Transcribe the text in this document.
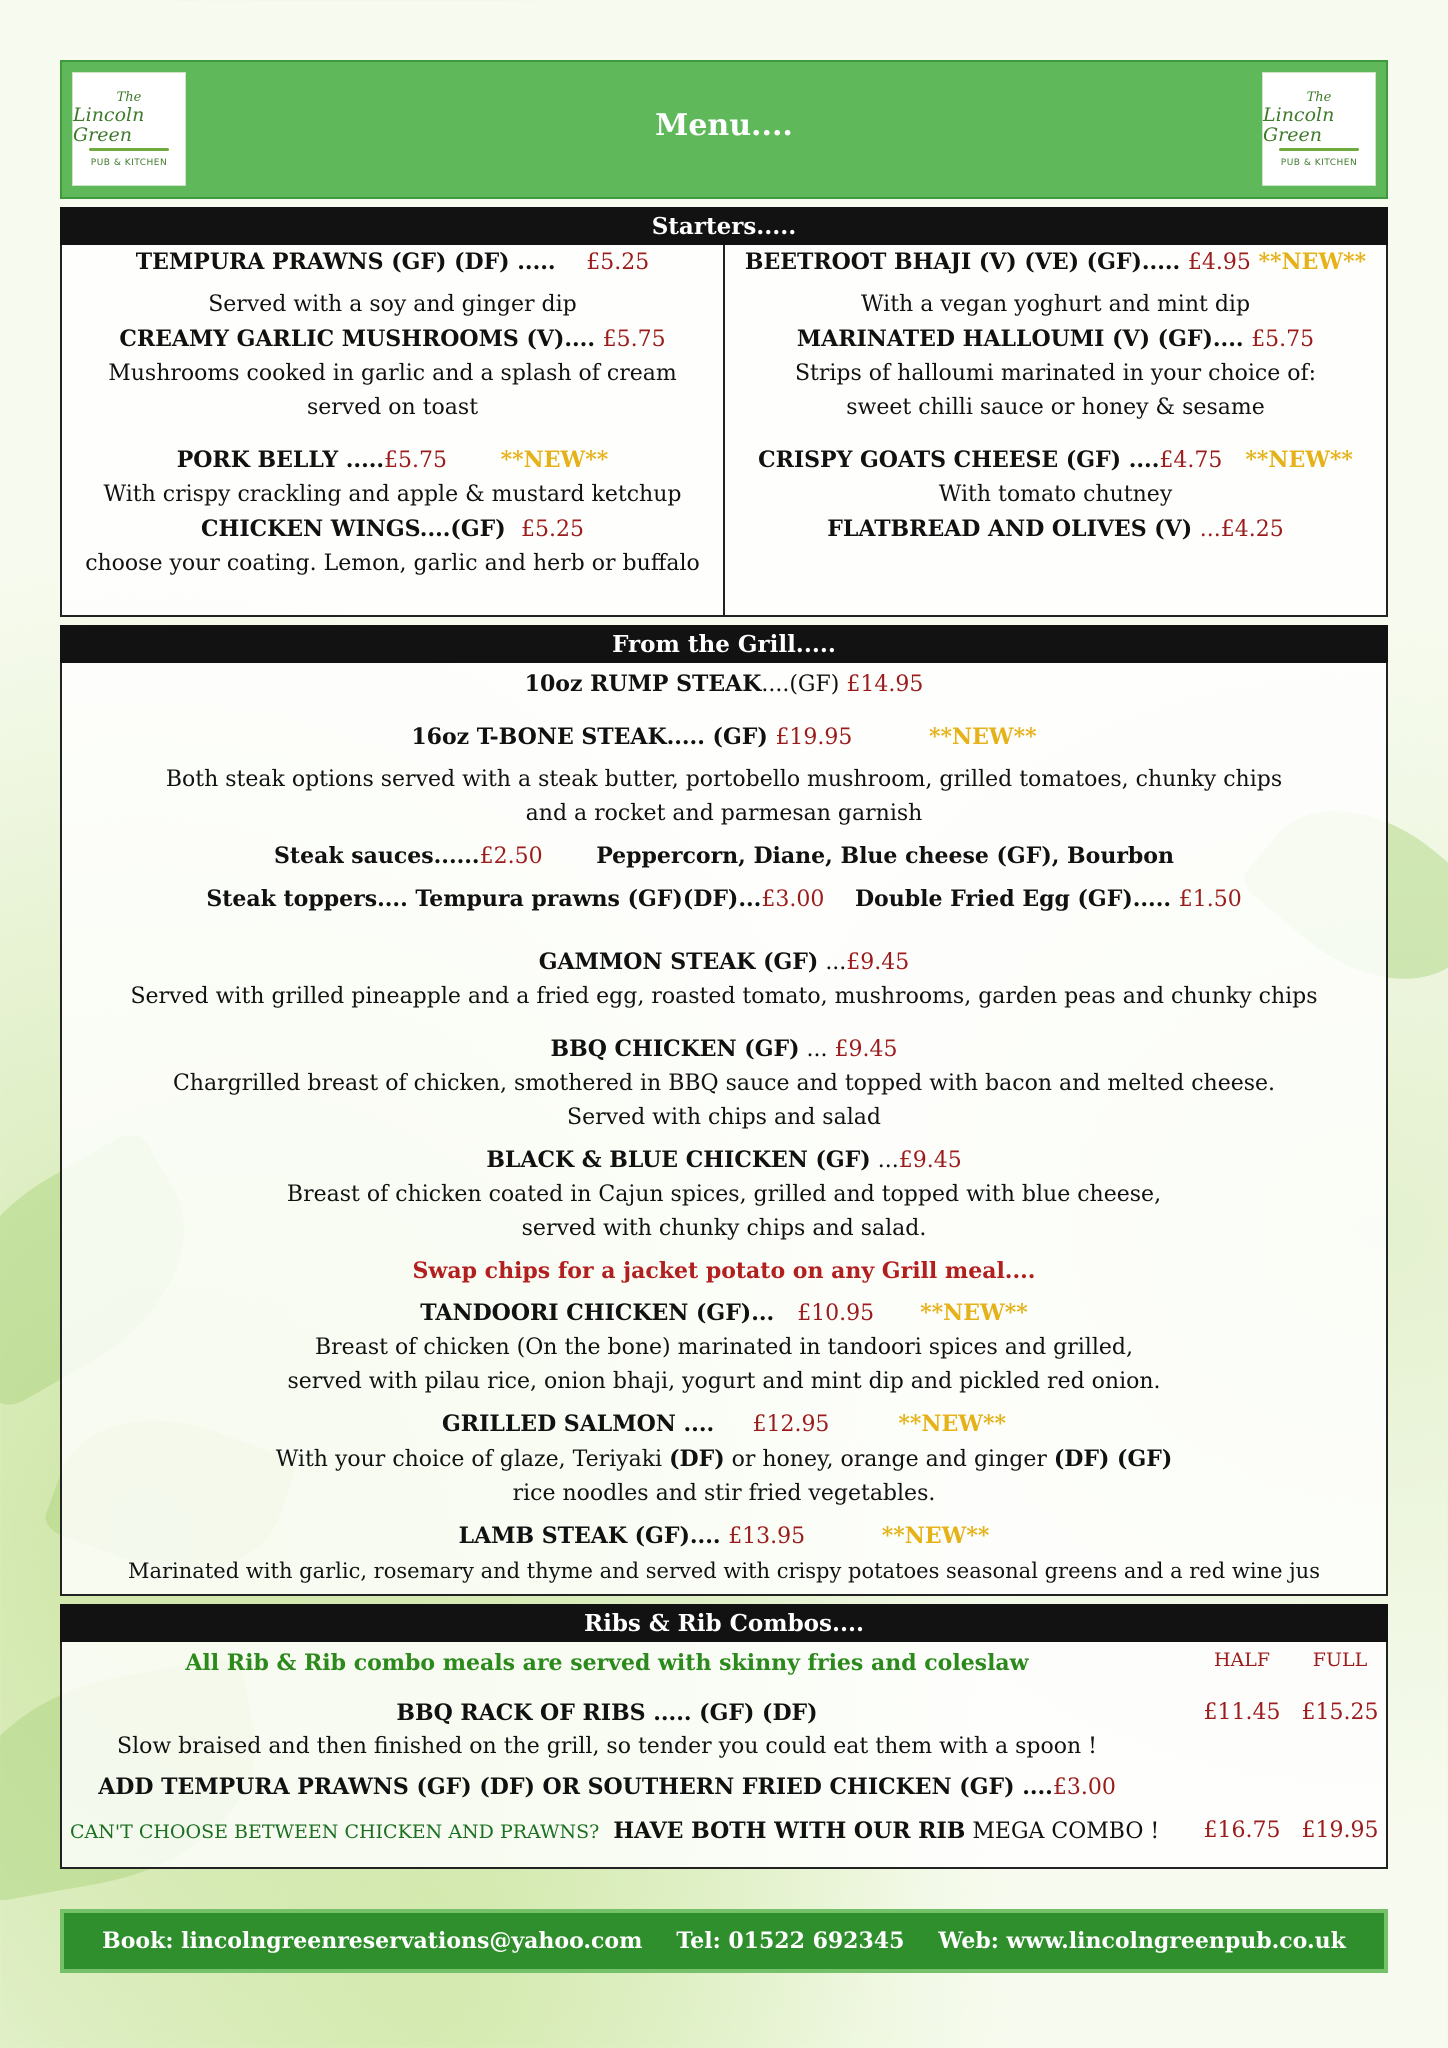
The
Lincoln Green
PUB & KITCHEN
Menu....
The
Lincoln Green
PUB & KITCHEN
Starters.....
TEMPURA PRAWNS (GF) (DF) ..... £5.25
Served with a soy and ginger dip
CREAMY GARLIC MUSHROOMS (V).... £5.75
Mushrooms cooked in garlic and a splash of cream
served on toast
PORK BELLY .....£5.75 **NEW**
With crispy crackling and apple & mustard ketchup
CHICKEN WINGS....(GF) £5.25
choose your coating. Lemon, garlic and herb or buffalo
BEETROOT BHAJI (V) (VE) (GF)..... £4.95 **NEW**
With a vegan yoghurt and mint dip
MARINATED HALLOUMI (V) (GF).... £5.75
Strips of halloumi marinated in your choice of:
sweet chilli sauce or honey & sesame
CRISPY GOATS CHEESE (GF) ....£4.75 **NEW**
With tomato chutney
FLATBREAD AND OLIVES (V) ...£4.25
From the Grill.....
10oz RUMP STEAK....(GF) £14.95
16oz T-BONE STEAK..... (GF) £19.95	**NEW**
Both steak options served with a steak butter, portobello mushroom, grilled tomatoes, chunky chips
and a rocket and parmesan garnish
Steak sauces......£2.50 Peppercorn, Diane, Blue cheese (GF), Bourbon
Steak toppers.... Tempura prawns (GF)(DF)...£3.00 Double Fried Egg (GF)..... £1.50
GAMMON STEAK (GF) ...£9.45
Served with grilled pineapple and a fried egg, roasted tomato, mushrooms, garden peas and chunky chips
BBQ CHICKEN (GF) ... £9.45
Chargrilled breast of chicken, smothered in BBQ sauce and topped with bacon and melted cheese.
Served with chips and salad
BLACK & BLUE CHICKEN (GF) ...£9.45
Breast of chicken coated in Cajun spices, grilled and topped with blue cheese,
served with chunky chips and salad.
Swap chips for a jacket potato on any Grill meal....
TANDOORI CHICKEN (GF)... £10.95 **NEW**
Breast of chicken (On the bone) marinated in tandoori spices and grilled,
served with pilau rice, onion bhaji, yogurt and mint dip and pickled red onion.
GRILLED SALMON .... £12.95	**NEW**
With your choice of glaze, Teriyaki (DF) or honey, orange and ginger (DF) (GF)
rice noodles and stir fried vegetables.
LAMB STEAK (GF).... £13.95	**NEW**
Marinated with garlic, rosemary and thyme and served with crispy potatoes seasonal greens and a red wine jus
Ribs & Rib Combos....
All Rib & Rib combo meals are served with skinny fries and coleslaw	HALF	FULL
BBQ RACK OF RIBS ..... (GF) (DF)	£11.45 £15.25
Slow braised and then finished on the grill, so tender you could eat them with a spoon !
ADD TEMPURA PRAWNS (GF) (DF) OR SOUTHERN FRIED CHICKEN (GF) ....£3.00
CAN'T CHOOSE BETWEEN CHICKEN AND PRAWNS? HAVE BOTH WITH OUR RIB MEGA COMBO !	£16.75 £19.95
Book: lincolngreenreservations@yahoo.com Tel: 01522 692345 Web: www.lincolngreenpub.co.uk
